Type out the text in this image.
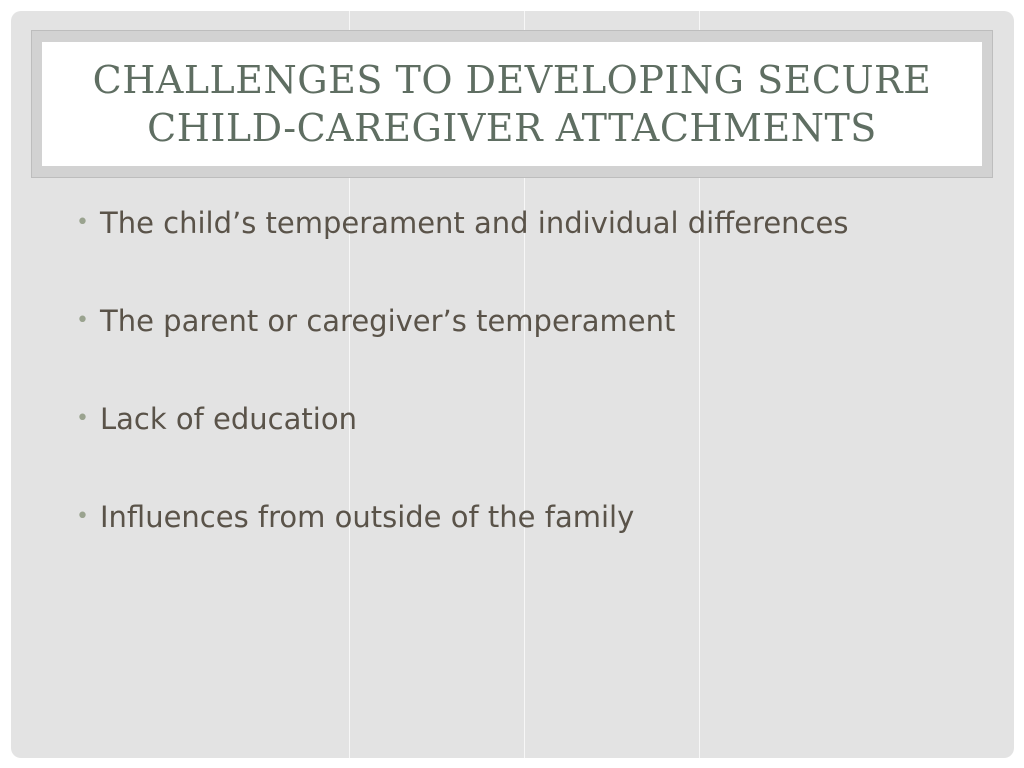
CHALLENGES TO DEVELOPING SECURE
CHILD-CAREGIVER ATTACHMENTS
• The child’s temperament and individual differences
• The parent or caregiver’s temperament
• Lack of education
• Influences from outside of the family
